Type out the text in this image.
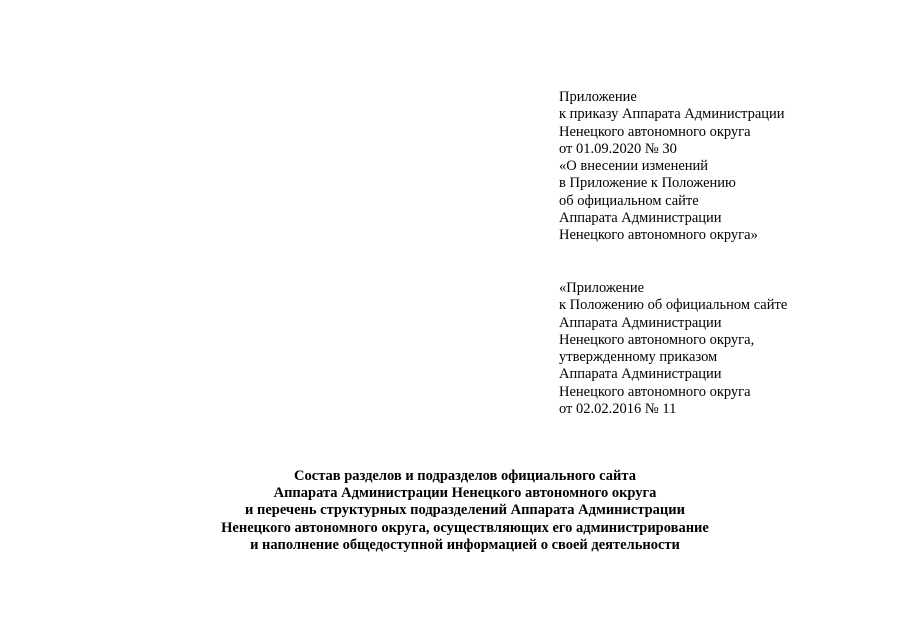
Приложение
к приказу Аппарата Администрации
Ненецкого автономного округа
от 01.09.2020 № 30
«О внесении изменений
в Приложение к Положению
об официальном сайте
Аппарата Администрации
Ненецкого автономного округа»
«Приложение
к Положению об официальном сайте
Аппарата Администрации
Ненецкого автономного округа,
утвержденному приказом
Аппарата Администрации
Ненецкого автономного округа
от 02.02.2016 № 11
Состав разделов и подразделов официального сайта
Аппарата Администрации Ненецкого автономного округа
и перечень структурных подразделений Аппарата Администрации
Ненецкого автономного округа, осуществляющих его администрирование
и наполнение общедоступной информацией о своей деятельности
